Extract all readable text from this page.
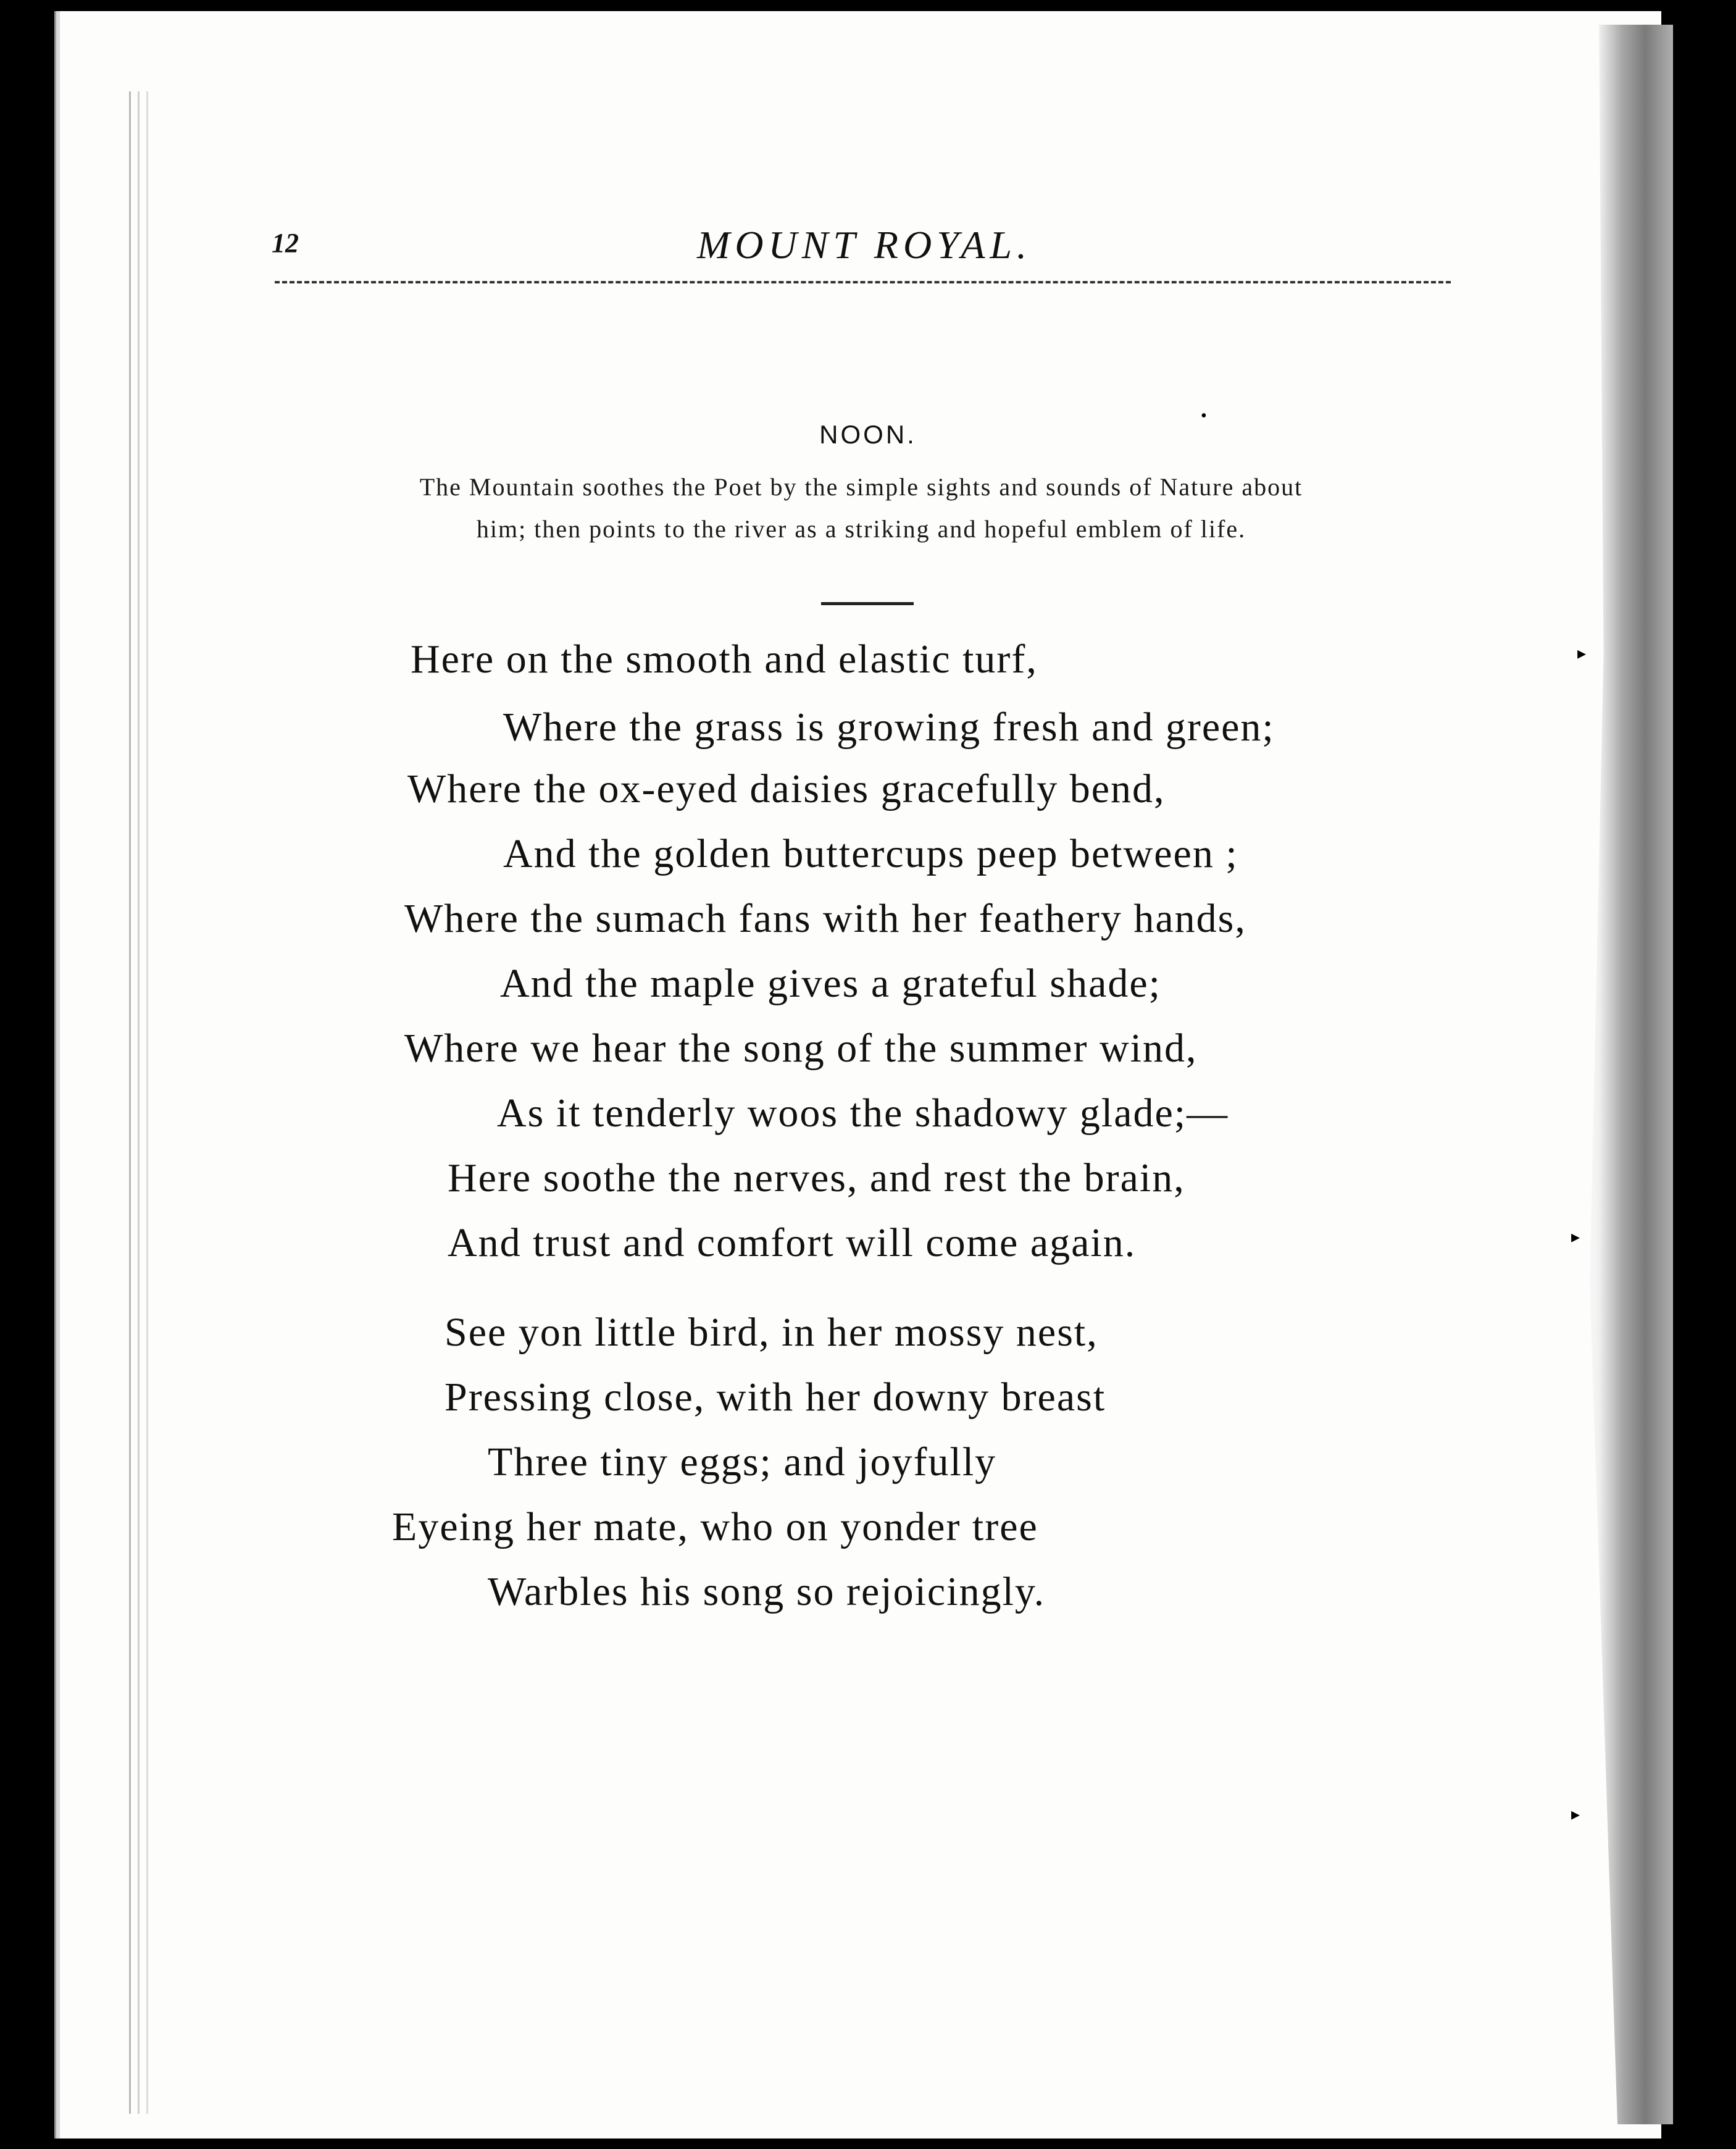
12	MOUNT ROYAL.
NOON.
The Mountain soothes the Poet by the simple sights and sounds of Nature about
him; then points to the river as a striking and hopeful emblem of life.
Here on the smooth and elastic turf,
Where the grass is growing fresh and green;
Where the ox-eyed daisies gracefully bend,
And the golden buttercups peep between ;
Where the sumach fans with her feathery hands,
And the maple gives a grateful shade;
Where we hear the song of the summer wind,
As it tenderly woos the shadowy glade;—
Here soothe the nerves, and rest the brain,
And trust and comfort will come again.
See yon little bird, in her mossy nest,
Pressing close, with her downy breast
Three tiny eggs; and joyfully
Eyeing her mate, who on yonder tree
Warbles his song so rejoicingly.
•
▸
▸
▸
